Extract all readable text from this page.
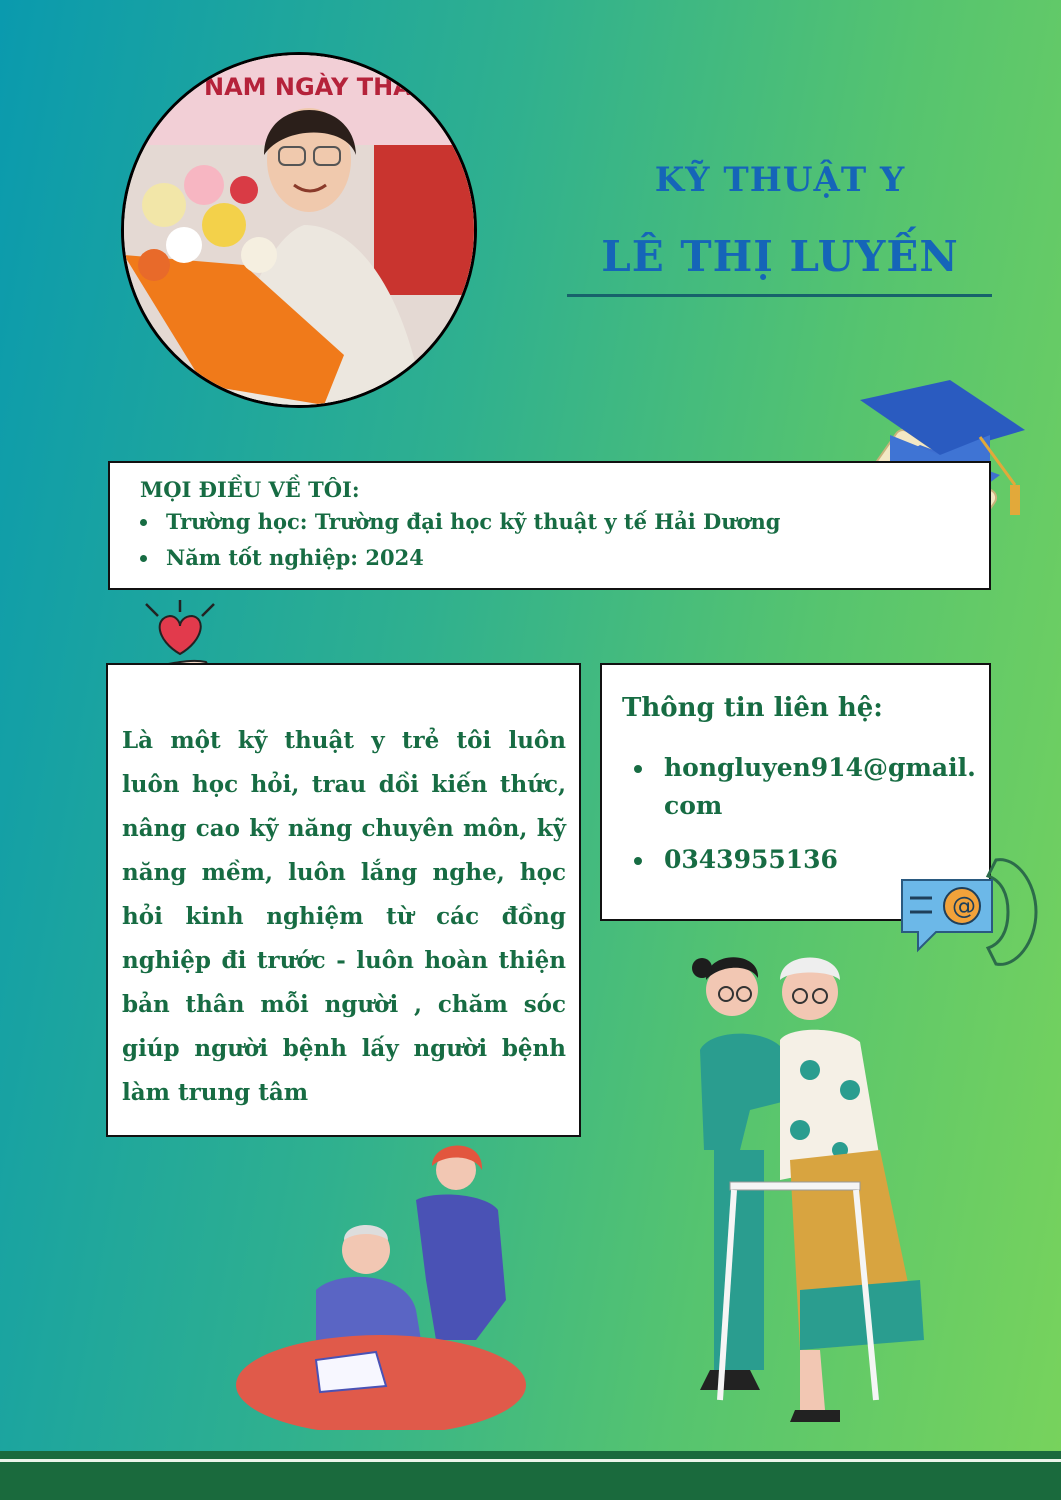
NAM NGÀY THẦY
KỸ THUẬT Y
LÊ THỊ LUYẾN
MỌI ĐIỀU VỀ TÔI:
• Trường học: Trường đại học kỹ thuật y tế Hải Dương
• Năm tốt nghiệp: 2024
Là một kỹ thuật y trẻ tôi luôn luôn học hỏi, trau dồi kiến thức, nâng cao kỹ năng chuyên môn, kỹ năng mềm, luôn lắng nghe, học hỏi kinh nghiệm từ các đồng nghiệp đi trước - luôn hoàn thiện bản thân mỗi người , chăm sóc giúp người bệnh lấy người bệnh làm trung tâm
Thông tin liên hệ:
• hongluyen914@gmail.com
• 0343955136
@
